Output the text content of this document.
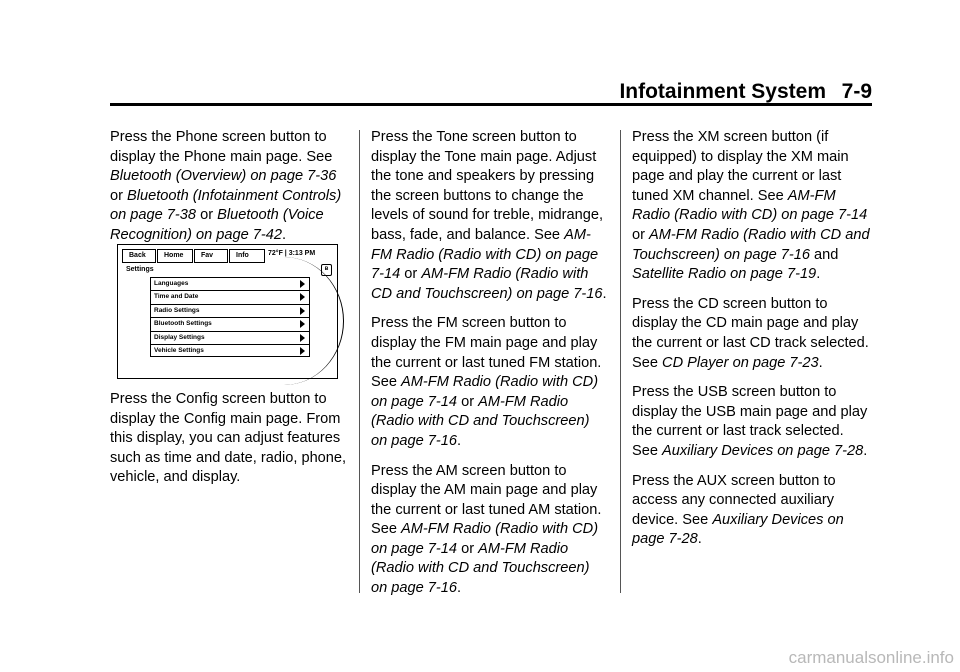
Infotainment System 7-9

Press the Phone screen button to display the Phone main page. See Bluetooth (Overview) on page 7-36 or Bluetooth (Infotainment Controls) on page 7-38 or Bluetooth (Voice Recognition) on page 7-42.

Back	Home	Fav	Info	72°F | 3:13 PM
Settings	ʙ
Languages
Time and Date
Radio Settings
Bluetooth Settings
Display Settings
Vehicle Settings

Press the Config screen button to display the Config main page. From this display, you can adjust features such as time and date, radio, phone, vehicle, and display.

Press the Tone screen button to display the Tone main page. Adjust the tone and speakers by pressing the screen buttons to change the levels of sound for treble, midrange, bass, fade, and balance. See AM-FM Radio (Radio with CD) on page 7-14 or AM-FM Radio (Radio with CD and Touchscreen) on page 7-16.

Press the FM screen button to display the FM main page and play the current or last tuned FM station. See AM-FM Radio (Radio with CD) on page 7-14 or AM-FM Radio (Radio with CD and Touchscreen) on page 7-16.

Press the AM screen button to display the AM main page and play the current or last tuned AM station. See AM-FM Radio (Radio with CD) on page 7-14 or AM-FM Radio (Radio with CD and Touchscreen) on page 7-16.

Press the XM screen button (if equipped) to display the XM main page and play the current or last tuned XM channel. See AM-FM Radio (Radio with CD) on page 7-14 or AM-FM Radio (Radio with CD and Touchscreen) on page 7-16 and Satellite Radio on page 7-19.

Press the CD screen button to display the CD main page and play the current or last CD track selected. See CD Player on page 7-23.

Press the USB screen button to display the USB main page and play the current or last track selected. See Auxiliary Devices on page 7-28.

Press the AUX screen button to access any connected auxiliary device. See Auxiliary Devices on page 7-28.

carmanualsonline.info
